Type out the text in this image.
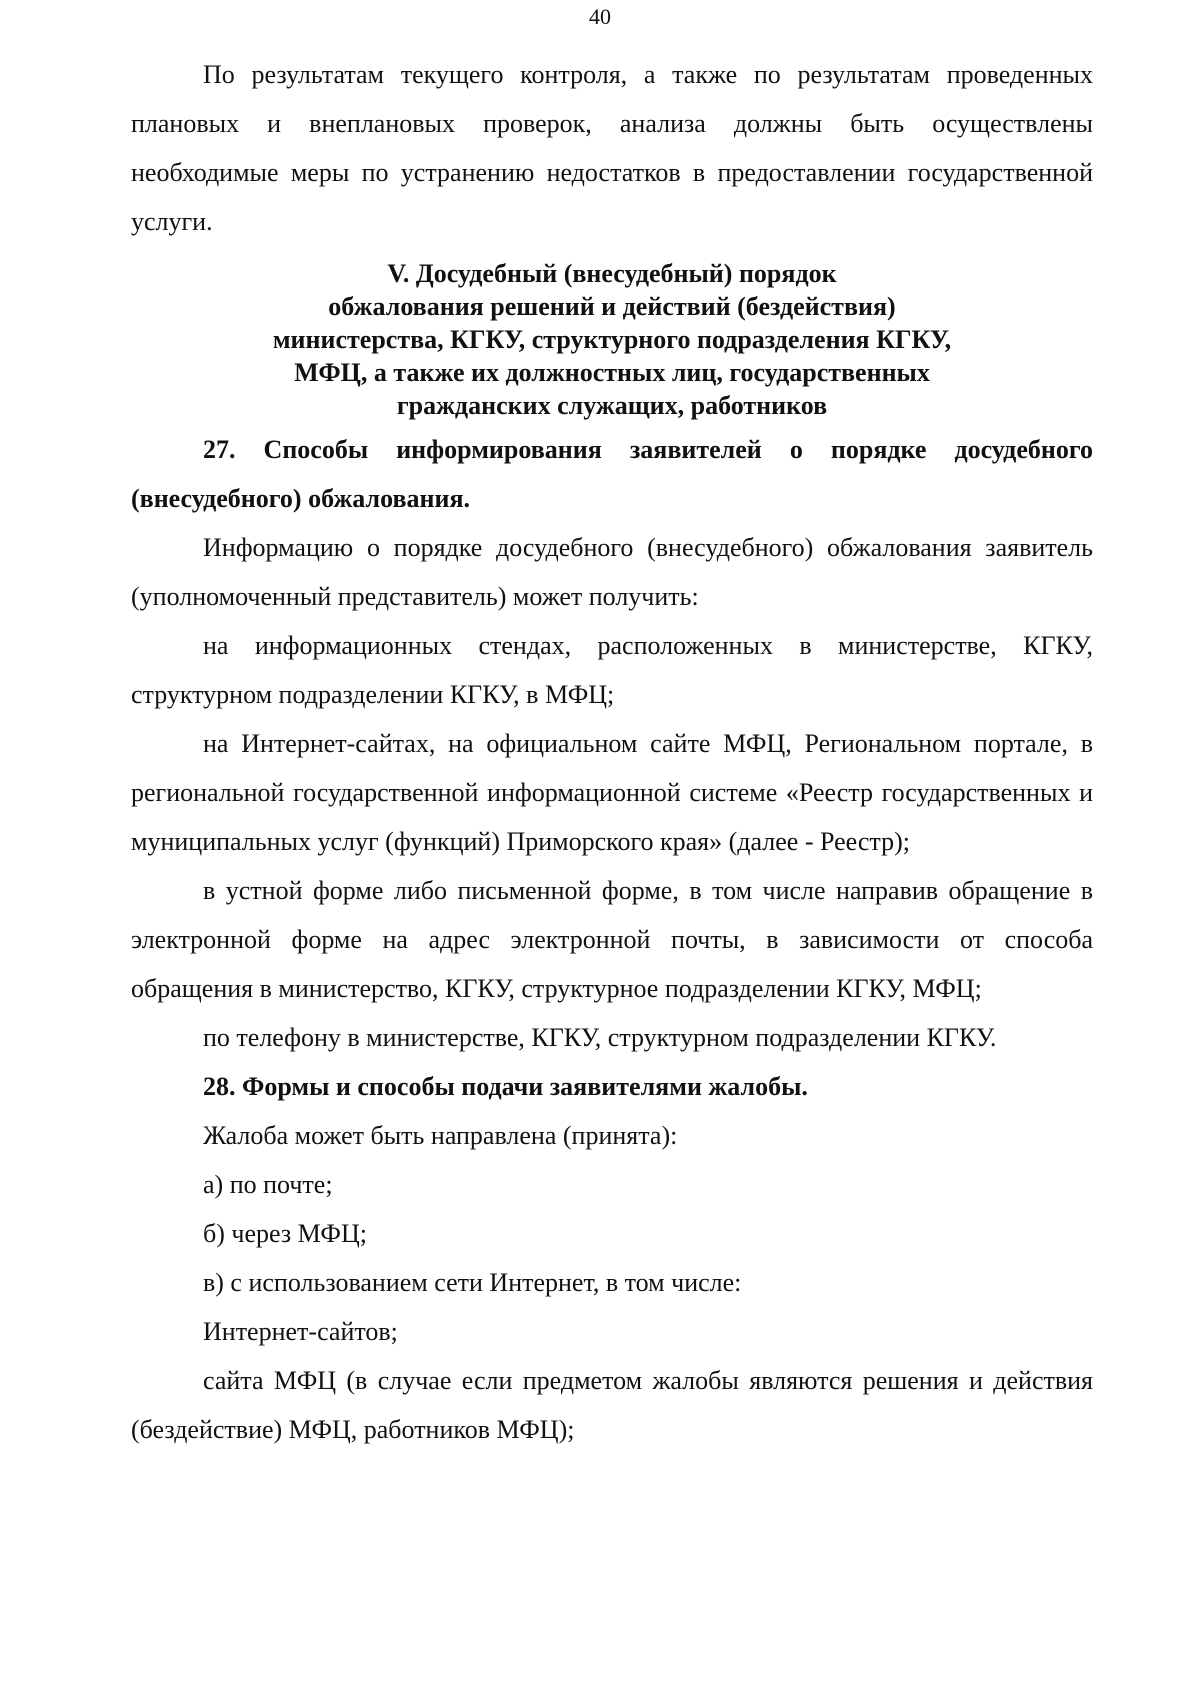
40

По результатам текущего контроля, а также по результатам проведенных плановых и внеплановых проверок, анализа должны быть осуществлены необходимые меры по устранению недостатков в предоставлении государственной услуги.

V. Досудебный (внесудебный) порядок
обжалования решений и действий (бездействия)
министерства, КГКУ, структурного подразделения КГКУ,
МФЦ, а также их должностных лиц, государственных
гражданских служащих, работников

27. Способы информирования заявителей о порядке досудебного (внесудебного) обжалования.

Информацию о порядке досудебного (внесудебного) обжалования заявитель (уполномоченный представитель) может получить:

на информационных стендах, расположенных в министерстве, КГКУ, структурном подразделении КГКУ, в МФЦ;

на Интернет-сайтах, на официальном сайте МФЦ, Региональном портале, в региональной государственной информационной системе «Реестр государственных и муниципальных услуг (функций) Приморского края» (далее - Реестр);

в устной форме либо письменной форме, в том числе направив обращение в электронной форме на адрес электронной почты, в зависимости от способа обращения в министерство, КГКУ, структурное подразделении КГКУ, МФЦ;

по телефону в министерстве, КГКУ, структурном подразделении КГКУ.

28. Формы и способы подачи заявителями жалобы.

Жалоба может быть направлена (принята):

а) по почте;

б) через МФЦ;

в) с использованием сети Интернет, в том числе:

Интернет-сайтов;

сайта МФЦ (в случае если предметом жалобы являются решения и действия (бездействие) МФЦ, работников МФЦ);
